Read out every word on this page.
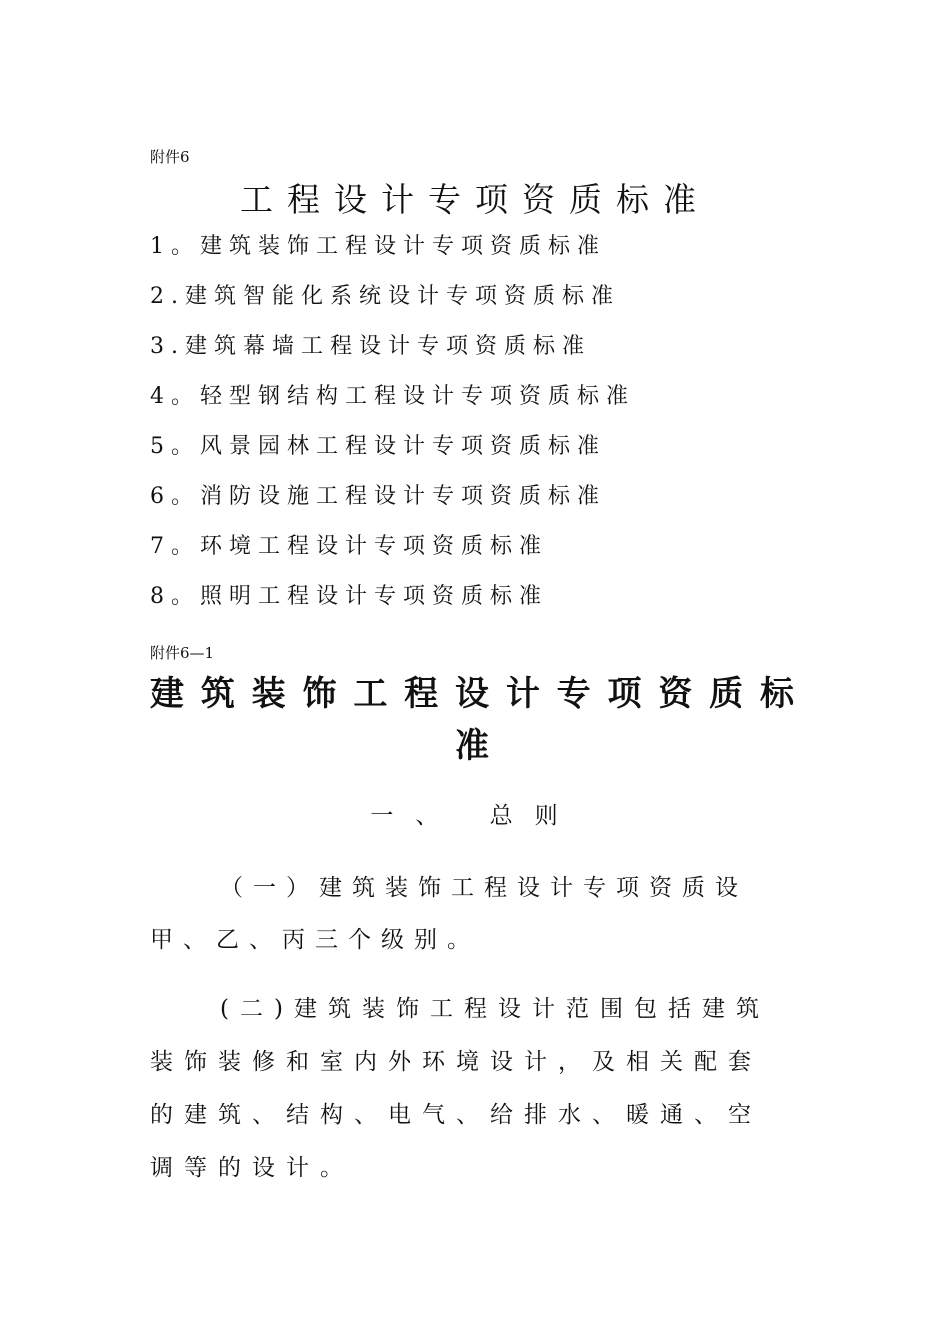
附件6
工程设计专项资质标准
1。建筑装饰工程设计专项资质标准
2.建筑智能化系统设计专项资质标准
3.建筑幕墙工程设计专项资质标准
4。轻型钢结构工程设计专项资质标准
5。风景园林工程设计专项资质标准
6。消防设施工程设计专项资质标准
7。环境工程设计专项资质标准
8。照明工程设计专项资质标准
附件6—1
建筑装饰工程设计专项资质标准
一、 总则
（一）建筑装饰工程设计专项资质设甲、乙、丙三个级别。
(二)建筑装饰工程设计范围包括建筑装饰装修和室内外环境设计，及相关配套的建筑、结构、电气、给排水、暖通、空调等的设计。
